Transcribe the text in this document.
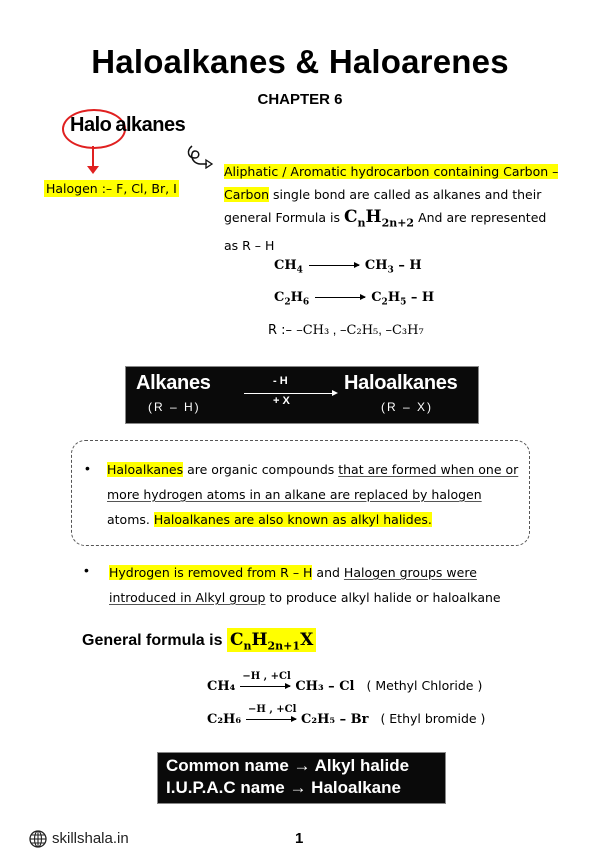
Haloalkanes & Haloarenes
CHAPTER 6
Halo alkanes
Halogen :– F, Cl, Br, I
Aliphatic / Aromatic hydrocarbon containing Carbon – Carbon single bond are called as alkanes and their general Formula is $C_nH_{2n+2}$ And are represented as R – H
$CH_4 \to CH_3 - H$
$C_2H_6 \to C_2H_5 - H$
R :– –CH₃ , –C₂H₅, –C₃H₇
Alkanes
(R – H)
- H
+ X
Haloalkanes
(R – X)
• Haloalkanes are organic compounds that are formed when one or more hydrogen atoms in an alkane are replaced by halogen atoms. Haloalkanes are also known as alkyl halides.
• Hydrogen is removed from R – H and Halogen groups were introduced in Alkyl group to produce alkyl halide or haloalkane
General formula is $C_nH_{2n+1}X$
CH₄
−H , +Cl
CH₃ – Cl ( Methyl Chloride )
C₂H₆
−H , +Cl
C₂H₅ – Br ( Ethyl bromide )
Common name → Alkyl halide
I.U.P.A.C name → Haloalkane
skillshala.in	1
